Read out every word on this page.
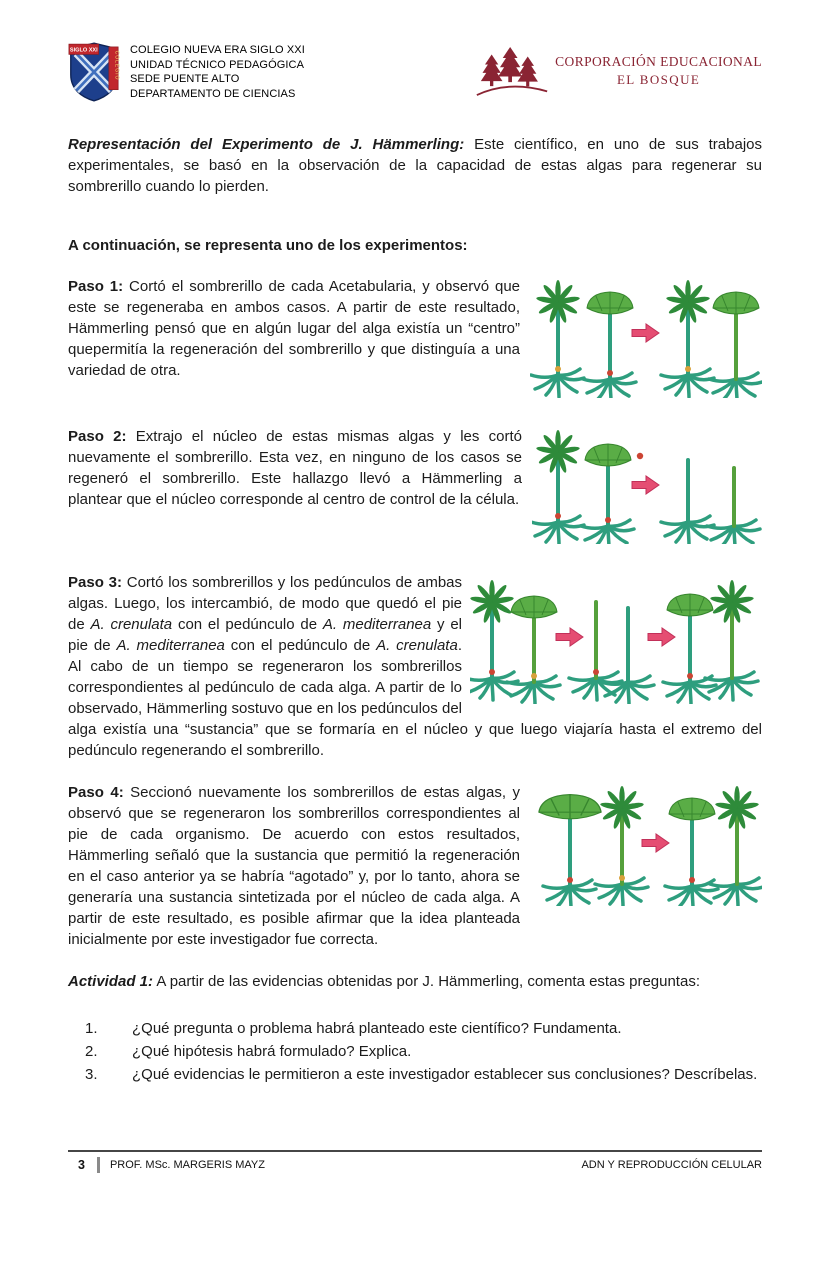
SIGLO XXI
COLEGIO
COLEGIO NUEVA ERA SIGLO XXI
UNIDAD TÉCNICO PEDAGÓGICA
SEDE PUENTE ALTO
DEPARTAMENTO DE CIENCIAS
CORPORACIÓN EDUCACIONAL
EL BOSQUE

Representación del Experimento de J. Hämmerling: Este científico, en uno de sus trabajos experimentales, se basó en la observación de la capacidad de estas algas para regenerar su sombrerillo cuando lo pierden.

A continuación, se representa uno de los experimentos:

Paso 1: Cortó el sombrerillo de cada Acetabularia, y observó que este se regeneraba en ambos casos. A partir de este resultado, Hämmerling pensó que en algún lugar del alga existía un “centro” quepermitía la regeneración del sombrerillo y que distinguía a una variedad de otra.

Paso 2: Extrajo el núcleo de estas mismas algas y les cortó nuevamente el sombrerillo. Esta vez, en ninguno de los casos se regeneró el sombrerillo. Este hallazgo llevó a Hämmerling a plantear que el núcleo corresponde al centro de control de la célula.

Paso 3: Cortó los sombrerillos y los pedúnculos de ambas algas. Luego, los intercambió, de modo que quedó el pie de A. crenulata con el pedúnculo de A. mediterranea y el pie de A. mediterranea con el pedúnculo de A. crenulata. Al cabo de un tiempo se regeneraron los sombrerillos correspondientes al pedúnculo de cada alga. A partir de lo observado, Hämmerling sostuvo que en los pedúnculos del alga existía una “sustancia” que se formaría en el núcleo y que luego viajaría hasta el extremo del pedúnculo regenerando el sombrerillo.

Paso 4: Seccionó nuevamente los sombrerillos de estas algas, y observó que se regeneraron los sombrerillos correspondientes al pie de cada organismo. De acuerdo con estos resultados, Hämmerling señaló que la sustancia que permitió la regeneración en el caso anterior ya se habría “agotado” y, por lo tanto, ahora se generaría una sustancia sintetizada por el núcleo de cada alga. A partir de este resultado, es posible afirmar que la idea planteada inicialmente por este investigador fue correcta.

Actividad 1: A partir de las evidencias obtenidas por J. Hämmerling, comenta estas preguntas:

1. ¿Qué pregunta o problema habrá planteado este científico? Fundamenta.

2. ¿Qué hipótesis habrá formulado? Explica.

3. ¿Qué evidencias le permitieron a este investigador establecer sus conclusiones? Descríbelas.

3 PROF. MSc. MARGERIS MAYZ	ADN Y REPRODUCCIÓN CELULAR
